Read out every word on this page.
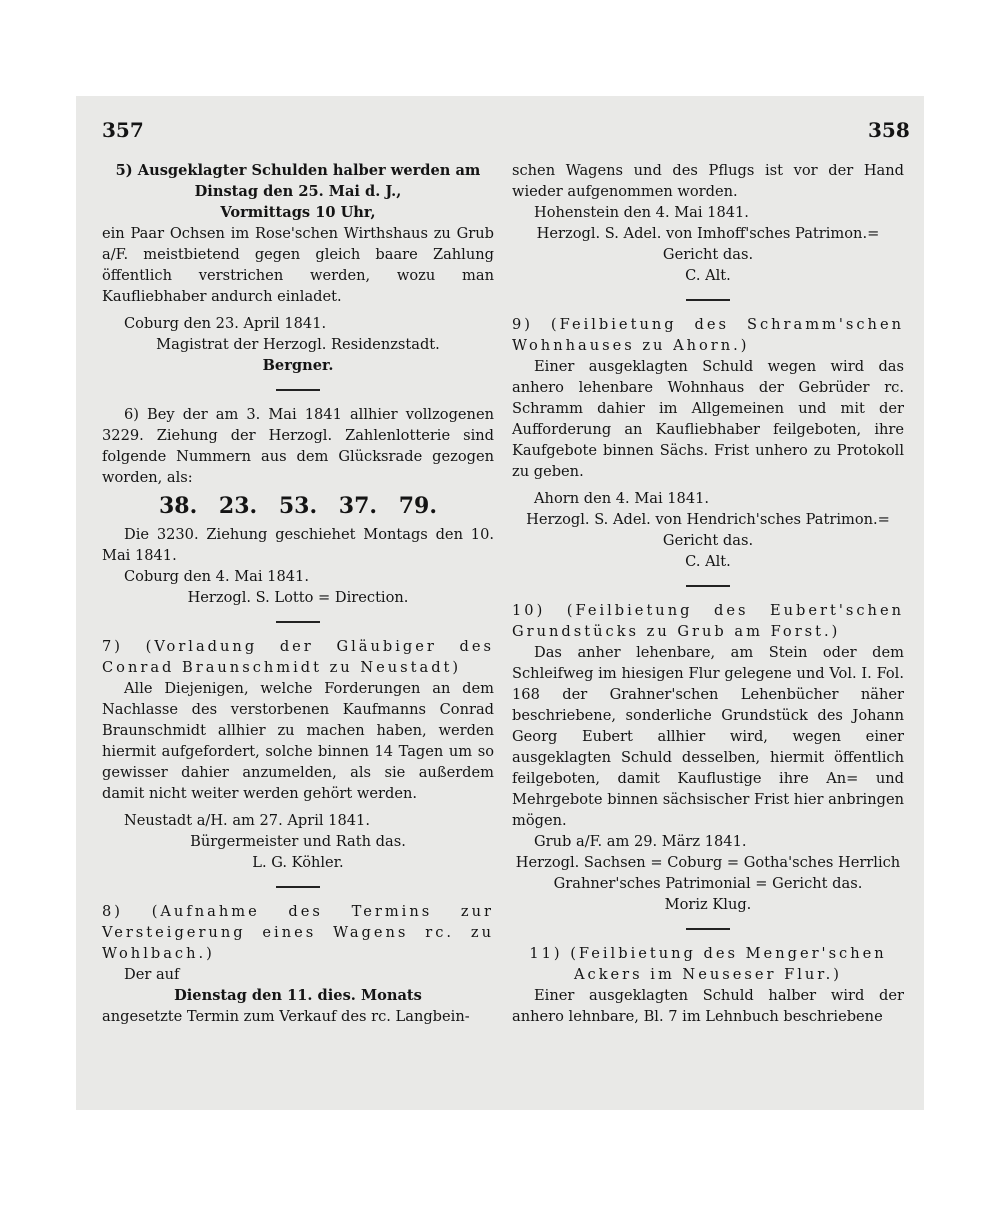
357	358

5) Ausgeklagter Schulden halber werden am

Dinstag den 25. Mai d. J.,

Vormittags 10 Uhr,

ein Paar Ochsen im Rose'schen Wirthshaus zu Grub a/F. meistbietend gegen gleich baare Zahlung öffentlich verstrichen werden, wozu man Kaufliebhaber andurch einladet.

Coburg den 23. April 1841.

Magistrat der Herzogl. Residenzstadt.

Bergner.

6) Bey der am 3. Mai 1841 allhier vollzogenen 3229. Ziehung der Herzogl. Zahlenlotterie sind folgende Nummern aus dem Glücksrade gezogen worden, als:

38. 23. 53. 37. 79.

Die 3230. Ziehung geschiehet Montags den 10. Mai 1841.

Coburg den 4. Mai 1841.

Herzogl. S. Lotto = Direction.

7) (Vorladung der Gläubiger des Conrad Braunschmidt zu Neustadt)

Alle Diejenigen, welche Forderungen an dem Nachlasse des verstorbenen Kaufmanns Conrad Braunschmidt allhier zu machen haben, werden hiermit aufgefordert, solche binnen 14 Tagen um so gewisser dahier anzumelden, als sie außerdem damit nicht weiter werden gehört werden.

Neustadt a/H. am 27. April 1841.

Bürgermeister und Rath das.

L. G. Köhler.

8) (Aufnahme des Termins zur Versteigerung eines Wagens rc. zu Wohlbach.)

Der auf

Dienstag den 11. dies. Monats

angesetzte Termin zum Verkauf des rc. Langbein-

schen Wagens und des Pflugs ist vor der Hand wieder aufgenommen worden.

Hohenstein den 4. Mai 1841.

Herzogl. S. Adel. von Imhoff'sches Patrimon.= Gericht das.

C. Alt.

9) (Feilbietung des Schramm'schen Wohnhauses zu Ahorn.)

Einer ausgeklagten Schuld wegen wird das anhero lehenbare Wohnhaus der Gebrüder rc. Schramm dahier im Allgemeinen und mit der Aufforderung an Kaufliebhaber feilgeboten, ihre Kaufgebote binnen Sächs. Frist unhero zu Protokoll zu geben.

Ahorn den 4. Mai 1841.

Herzogl. S. Adel. von Hendrich'sches Patrimon.= Gericht das.

C. Alt.

10) (Feilbietung des Eubert'schen Grundstücks zu Grub am Forst.)

Das anher lehenbare, am Stein oder dem Schleifweg im hiesigen Flur gelegene und Vol. I. Fol. 168 der Grahner'schen Lehenbücher näher beschriebene, sonderliche Grundstück des Johann Georg Eubert allhier wird, wegen einer ausgeklagten Schuld desselben, hiermit öffentlich feilgeboten, damit Kauflustige ihre An= und Mehrgebote binnen sächsischer Frist hier anbringen mögen.

Grub a/F. am 29. März 1841.

Herzogl. Sachsen = Coburg = Gotha'sches Herrlich Grahner'sches Patrimonial = Gericht das.

Moriz Klug.

11) (Feilbietung des Menger'schen Ackers im Neuseser Flur.)

Einer ausgeklagten Schuld halber wird der anhero lehnbare, Bl. 7 im Lehnbuch beschriebene
